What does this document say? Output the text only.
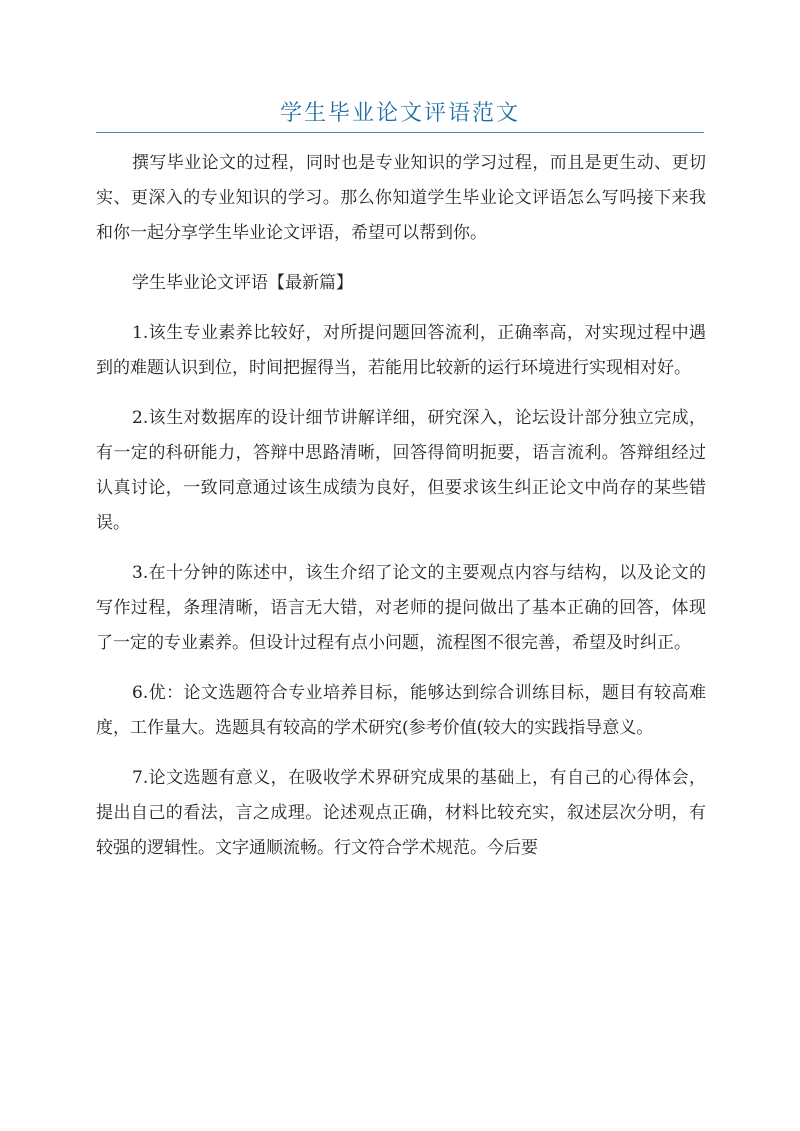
学生毕业论文评语范文

撰写毕业论文的过程，同时也是专业知识的学习过程，而且是更生动、更切实、更深入的专业知识的学习。那么你知道学生毕业论文评语怎么写吗接下来我和你一起分享学生毕业论文评语，希望可以帮到你。

学生毕业论文评语【最新篇】

1.该生专业素养比较好，对所提问题回答流利，正确率高，对实现过程中遇到的难题认识到位，时间把握得当，若能用比较新的运行环境进行实现相对好。

2.该生对数据库的设计细节讲解详细，研究深入，论坛设计部分独立完成，有一定的科研能力，答辩中思路清晰，回答得简明扼要，语言流利。答辩组经过认真讨论，一致同意通过该生成绩为良好，但要求该生纠正论文中尚存的某些错误。

3.在十分钟的陈述中，该生介绍了论文的主要观点内容与结构，以及论文的写作过程，条理清晰，语言无大错，对老师的提问做出了基本正确的回答，体现了一定的专业素养。但设计过程有点小问题，流程图不很完善，希望及时纠正。

6.优：论文选题符合专业培养目标，能够达到综合训练目标，题目有较高难度，工作量大。选题具有较高的学术研究(参考价值(较大的实践指导意义。

7.论文选题有意义，在吸收学术界研究成果的基础上，有自己的心得体会，提出自己的看法，言之成理。论述观点正确，材料比较充实，叙述层次分明，有较强的逻辑性。文字通顺流畅。行文符合学术规范。今后要
